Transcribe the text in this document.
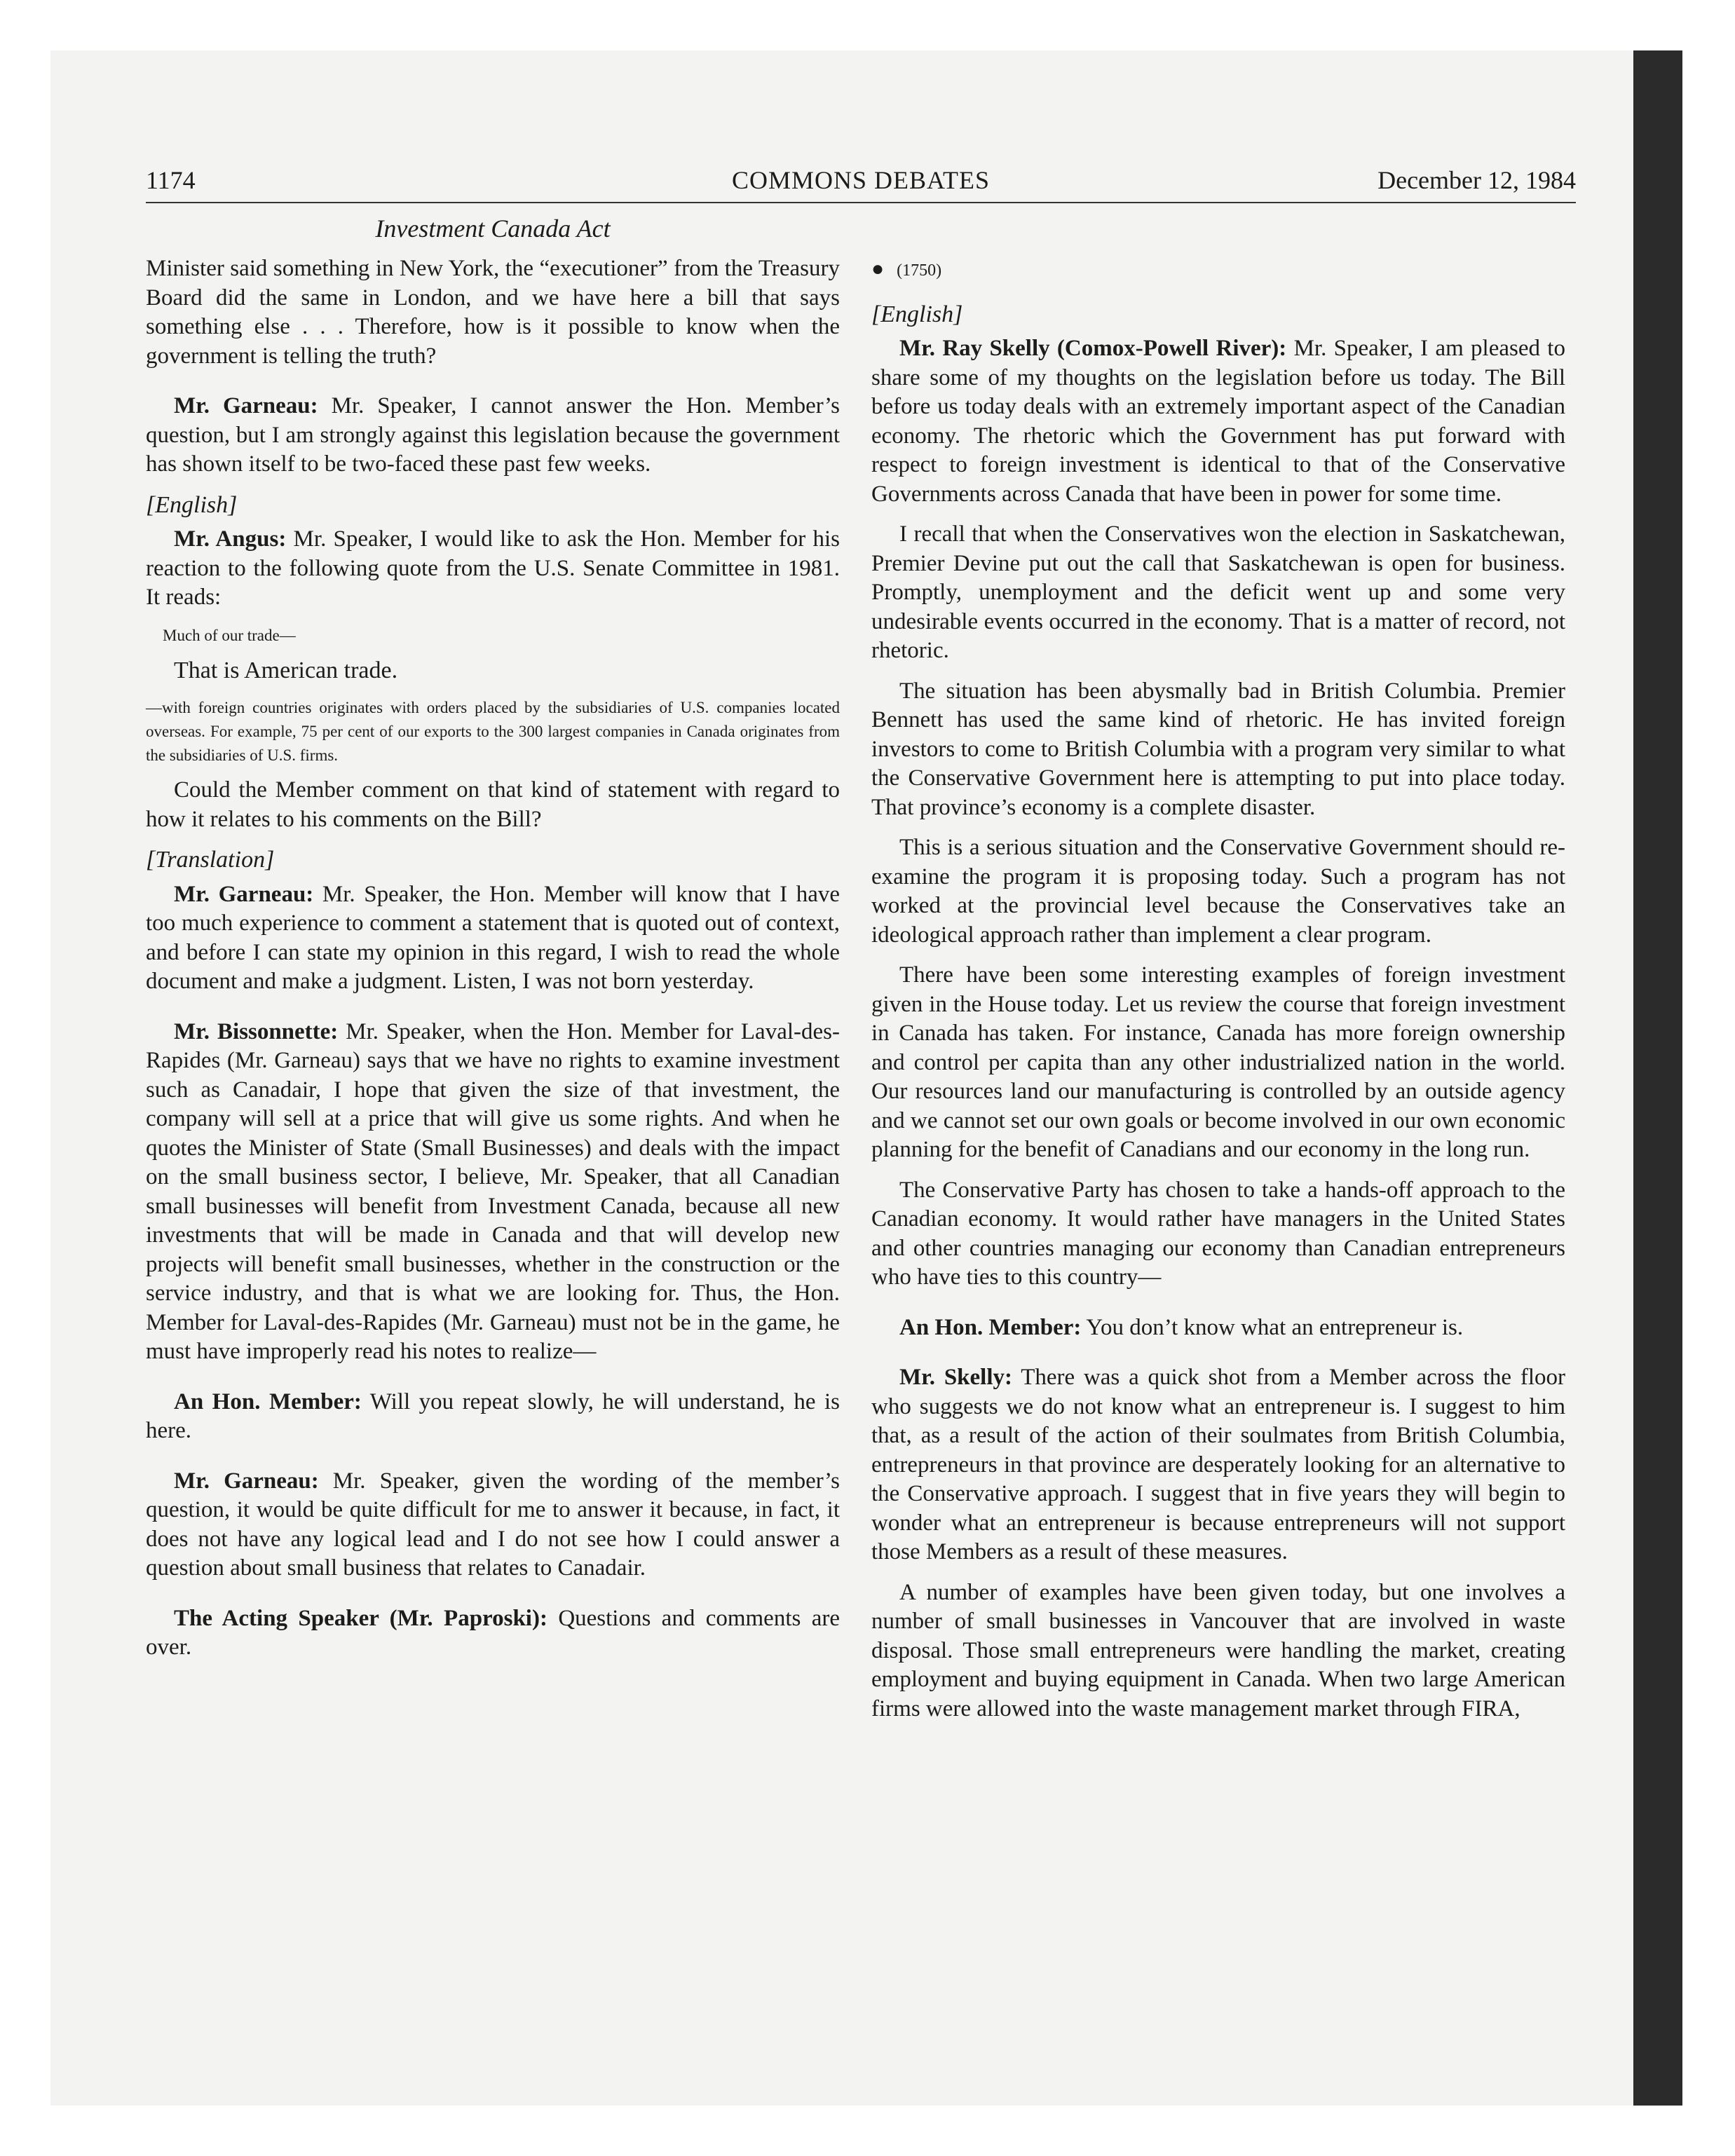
1174	COMMONS DEBATES	December 12, 1984
Investment Canada Act

Minister said something in New York, the “executioner” from the Treasury Board did the same in London, and we have here a bill that says something else . . . Therefore, how is it possible to know when the government is telling the truth?

Mr. Garneau: Mr. Speaker, I cannot answer the Hon. Member’s question, but I am strongly against this legislation because the government has shown itself to be two-faced these past few weeks.

[English]

Mr. Angus: Mr. Speaker, I would like to ask the Hon. Member for his reaction to the following quote from the U.S. Senate Committee in 1981. It reads:

Much of our trade—

That is American trade.

—with foreign countries originates with orders placed by the subsidiaries of U.S. companies located overseas. For example, 75 per cent of our exports to the 300 largest companies in Canada originates from the subsidiaries of U.S. firms.

Could the Member comment on that kind of statement with regard to how it relates to his comments on the Bill?

[Translation]

Mr. Garneau: Mr. Speaker, the Hon. Member will know that I have too much experience to comment a statement that is quoted out of context, and before I can state my opinion in this regard, I wish to read the whole document and make a judgment. Listen, I was not born yesterday.

Mr. Bissonnette: Mr. Speaker, when the Hon. Member for Laval-des-Rapides (Mr. Garneau) says that we have no rights to examine investment such as Canadair, I hope that given the size of that investment, the company will sell at a price that will give us some rights. And when he quotes the Minister of State (Small Businesses) and deals with the impact on the small business sector, I believe, Mr. Speaker, that all Canadian small businesses will benefit from Investment Canada, because all new investments that will be made in Canada and that will develop new projects will benefit small businesses, whether in the construction or the service industry, and that is what we are looking for. Thus, the Hon. Member for Laval-des-Rapides (Mr. Garneau) must not be in the game, he must have improperly read his notes to realize—

An Hon. Member: Will you repeat slowly, he will understand, he is here.

Mr. Garneau: Mr. Speaker, given the wording of the member’s question, it would be quite difficult for me to answer it because, in fact, it does not have any logical lead and I do not see how I could answer a question about small business that relates to Canadair.

The Acting Speaker (Mr. Paproski): Questions and comments are over.

● (1750)

[English]

Mr. Ray Skelly (Comox-Powell River): Mr. Speaker, I am pleased to share some of my thoughts on the legislation before us today. The Bill before us today deals with an extremely important aspect of the Canadian economy. The rhetoric which the Government has put forward with respect to foreign investment is identical to that of the Conservative Governments across Canada that have been in power for some time.

I recall that when the Conservatives won the election in Saskatchewan, Premier Devine put out the call that Saskatchewan is open for business. Promptly, unemployment and the deficit went up and some very undesirable events occurred in the economy. That is a matter of record, not rhetoric.

The situation has been abysmally bad in British Columbia. Premier Bennett has used the same kind of rhetoric. He has invited foreign investors to come to British Columbia with a program very similar to what the Conservative Government here is attempting to put into place today. That province’s economy is a complete disaster.

This is a serious situation and the Conservative Government should re-examine the program it is proposing today. Such a program has not worked at the provincial level because the Conservatives take an ideological approach rather than implement a clear program.

There have been some interesting examples of foreign investment given in the House today. Let us review the course that foreign investment in Canada has taken. For instance, Canada has more foreign ownership and control per capita than any other industrialized nation in the world. Our resources land our manufacturing is controlled by an outside agency and we cannot set our own goals or become involved in our own economic planning for the benefit of Canadians and our economy in the long run.

The Conservative Party has chosen to take a hands-off approach to the Canadian economy. It would rather have managers in the United States and other countries managing our economy than Canadian entrepreneurs who have ties to this country—

An Hon. Member: You don’t know what an entrepreneur is.

Mr. Skelly: There was a quick shot from a Member across the floor who suggests we do not know what an entrepreneur is. I suggest to him that, as a result of the action of their soulmates from British Columbia, entrepreneurs in that province are desperately looking for an alternative to the Conservative approach. I suggest that in five years they will begin to wonder what an entrepreneur is because entrepreneurs will not support those Members as a result of these measures.

A number of examples have been given today, but one involves a number of small businesses in Vancouver that are involved in waste disposal. Those small entrepreneurs were handling the market, creating employment and buying equipment in Canada. When two large American firms were allowed into the waste management market through FIRA,
